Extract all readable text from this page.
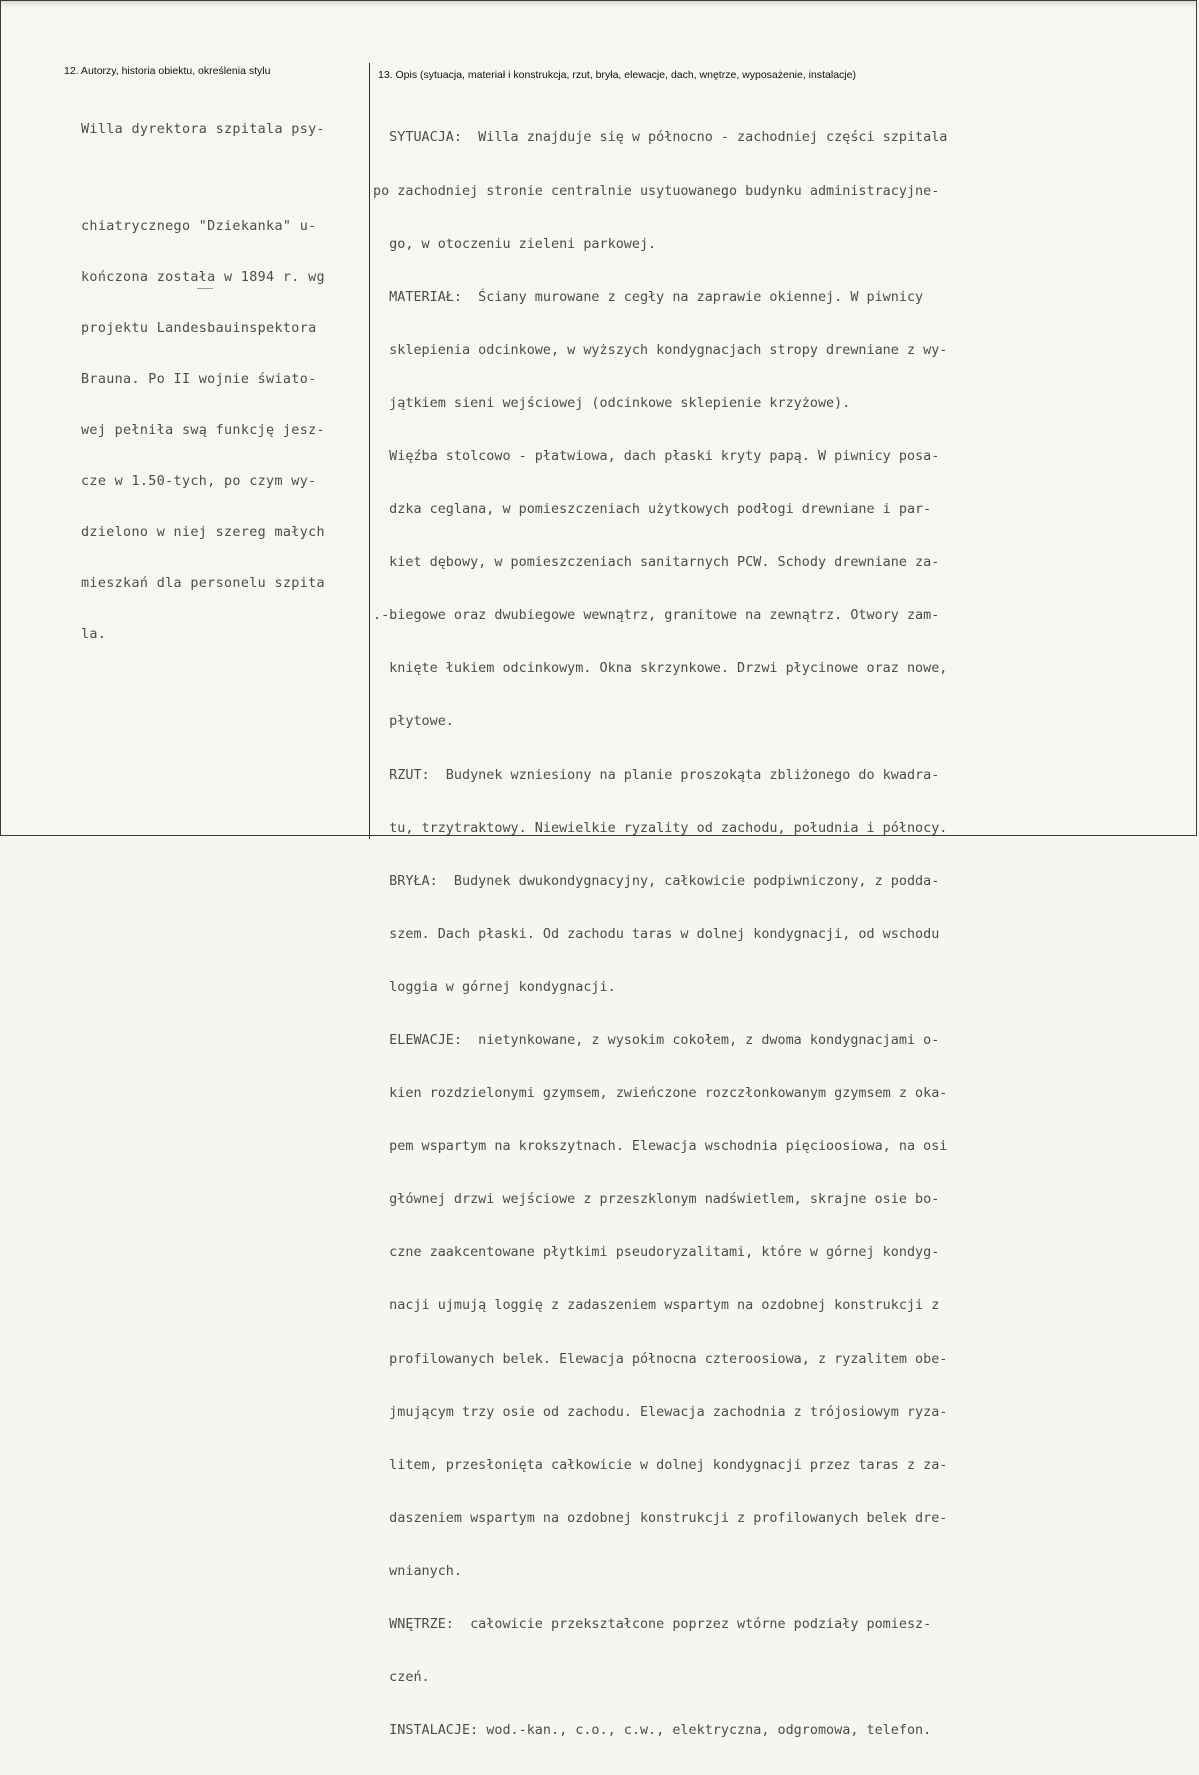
12. Autorzy, historia obiektu, określenia stylu	13. Opis (sytuacja, materiał i konstrukcja, rzut, bryła, elewacje, dach, wnętrze, wyposażenie, instalacje)

Willa dyrektora szpitala psy-

chiatrycznego "Dziekanka" u-

kończona została w 1894 r. wg

projektu Landesbauinspektora

Brauna. Po II wojnie świato-

wej pełniła swą funkcję jesz-

cze w 1.50-tych, po czym wy-

dzielono w niej szereg małych

mieszkań dla personelu szpita

la.

SYTUACJA:  Willa znajduje się w północno - zachodniej części szpitala

po zachodniej stronie centralnie usytuowanego budynku administracyjne-

go, w otoczeniu zieleni parkowej.

MATERIAŁ:  Ściany murowane z cegły na zaprawie okiennej. W piwnicy

sklepienia odcinkowe, w wyższych kondygnacjach stropy drewniane z wy-

jątkiem sieni wejściowej (odcinkowe sklepienie krzyżowe).

Więźba stolcowo - płatwiowa, dach płaski kryty papą. W piwnicy posa-

dzka ceglana, w pomieszczeniach użytkowych podłogi drewniane i par-

kiet dębowy, w pomieszczeniach sanitarnych PCW. Schody drewniane za-

.-biegowe oraz dwubiegowe wewnątrz, granitowe na zewnątrz. Otwory zam-

knięte łukiem odcinkowym. Okna skrzynkowe. Drzwi płycinowe oraz nowe,

płytowe.

RZUT:  Budynek wzniesiony na planie proszokąta zbliżonego do kwadra-

tu, trzytraktowy. Niewielkie ryzality od zachodu, południa i północy.

BRYŁA:  Budynek dwukondygnacyjny, całkowicie podpiwniczony, z podda-

szem. Dach płaski. Od zachodu taras w dolnej kondygnacji, od wschodu

loggia w górnej kondygnacji.

ELEWACJE:  nietynkowane, z wysokim cokołem, z dwoma kondygnacjami o-

kien rozdzielonymi gzymsem, zwieńczone rozczłonkowanym gzymsem z oka-

pem wspartym na krokszytnach. Elewacja wschodnia pięcioosiowa, na osi

głównej drzwi wejściowe z przeszklonym nadświetlem, skrajne osie bo-

czne zaakcentowane płytkimi pseudoryzalitami, które w górnej kondyg-

nacji ujmują loggię z zadaszeniem wspartym na ozdobnej konstrukcji z

profilowanych belek. Elewacja północna czteroosiowa, z ryzalitem obe-

jmującym trzy osie od zachodu. Elewacja zachodnia z trójosiowym ryza-

litem, przesłonięta całkowicie w dolnej kondygnacji przez taras z za-

daszeniem wspartym na ozdobnej konstrukcji z profilowanych belek dre-

wnianych.

WNĘTRZE:  całowicie przekształcone poprzez wtórne podziały pomiesz-

czeń.

INSTALACJE: wod.-kan., c.o., c.w., elektryczna, odgromowa, telefon.
